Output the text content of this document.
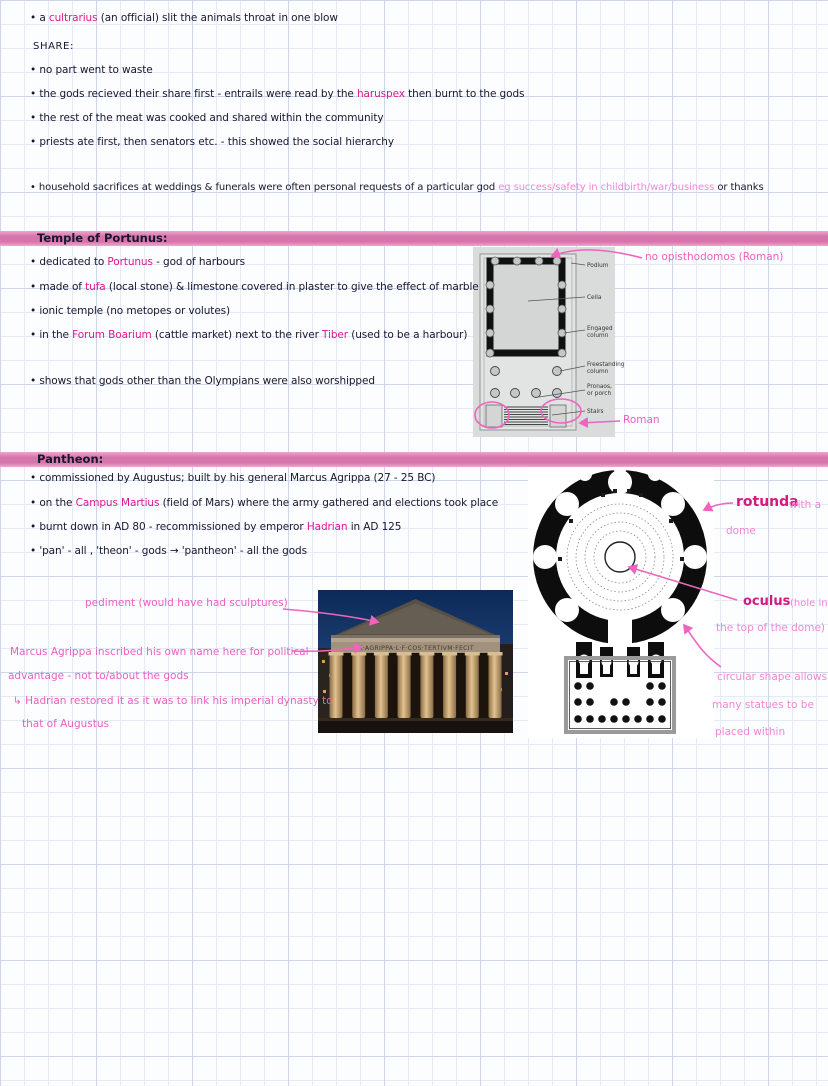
• a cultrarius (an official) slit the animals throat in one blow
SHARE:
• no part went to waste
• the gods recieved their share first - entrails were read by the haruspex then burnt to the gods
• the rest of the meat was cooked and shared within the community
• priests ate first, then senators etc. - this showed the social hierarchy
• household sacrifices at weddings & funerals were often personal requests of a particular god eg success/safety in childbirth/war/business or thanks
Temple of Portunus:
• dedicated to Portunus - god of harbours
• made of tufa (local stone) & limestone covered in plaster to give the effect of marble
• ionic temple (no metopes or volutes)
• in the Forum Boarium (cattle market) next to the river Tiber (used to be a harbour)
• shows that gods other than the Olympians were also worshipped
Podium
Cella
Engaged
column
Freestanding
column
Pronaos,
or porch
Stairs
no opisthodomos (Roman)
Roman
Pantheon:
• commissioned by Augustus; built by his general Marcus Agrippa (27 - 25 BC)
• on the Campus Martius (field of Mars) where the army gathered and elections took place
• burnt down in AD 80 - recommissioned by emperor Hadrian in AD 125
• 'pan' - all , 'theon' - gods → 'pantheon' - all the gods
M·AGRIPPA·L·F·COS·TERTIVM·FECIT
pediment (would have had sculptures)
Marcus Agrippa inscribed his own name here for political
advantage - not to/about the gods
↳ Hadrian restored it as it was to link his imperial dynasty to
that of Augustus
rotunda
with a
dome
oculus (hole in
the top of the dome)
circular shape allows
many statues to be
placed within
